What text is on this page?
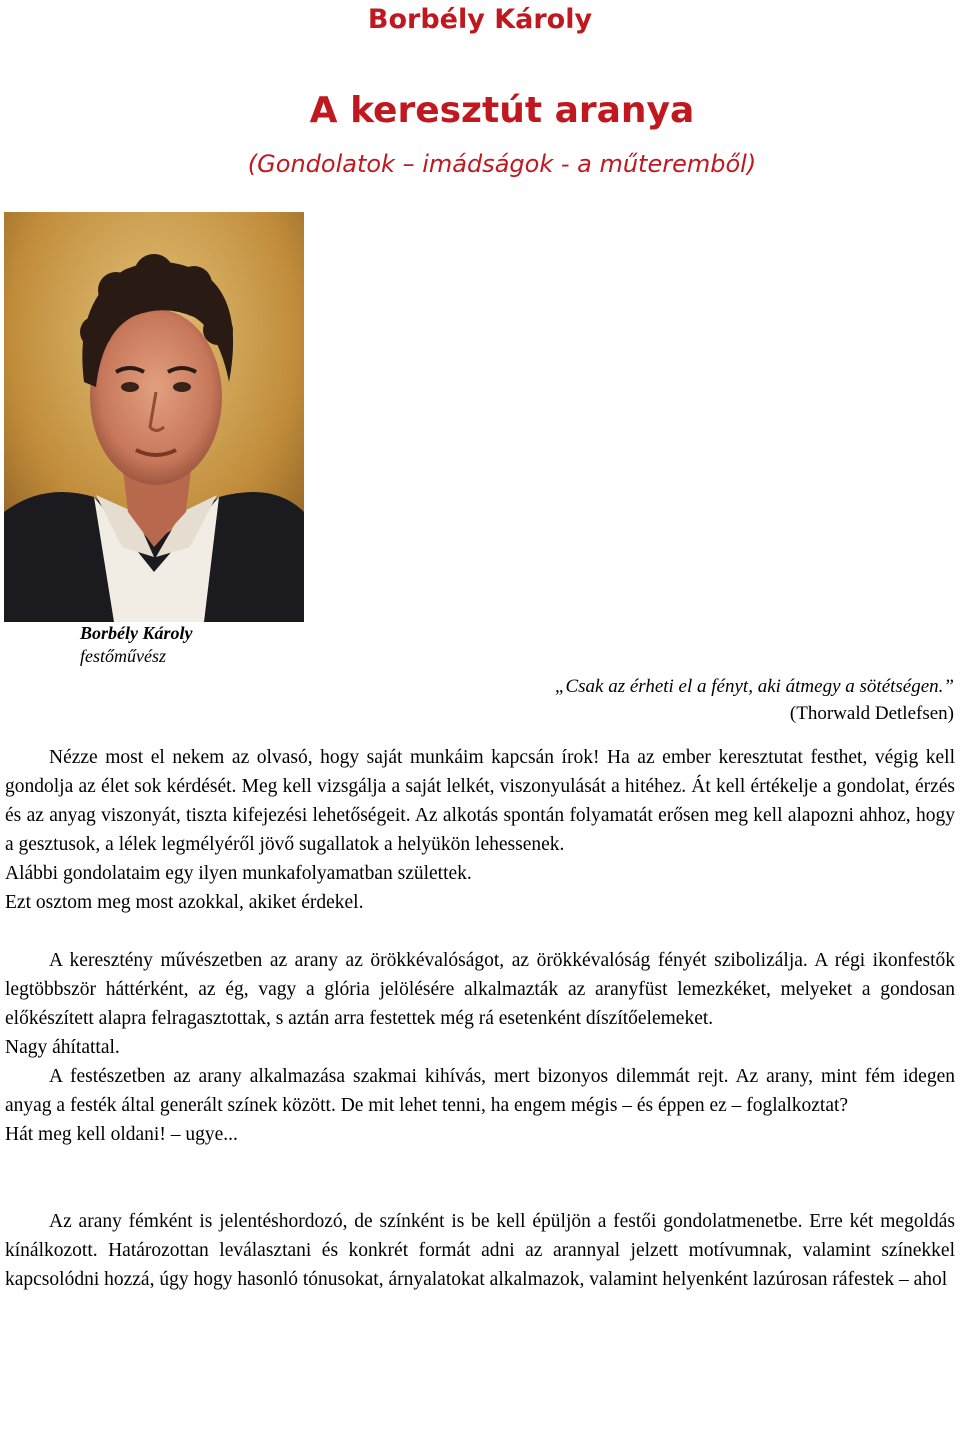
Borbély Károly
A keresztút aranya
(Gondolatok – imádságok - a műteremből)
Borbély Károly
festőművész
„Csak az érheti el a fényt, aki átmegy a sötétségen.”
(Thorwald Detlefsen)

Nézze most el nekem az olvasó, hogy saját munkáim kapcsán írok! Ha az ember keresztutat festhet, végig kell gondolja az élet sok kérdését. Meg kell vizsgálja a saját lelkét, viszonyulását a hitéhez. Át kell értékelje a gondolat, érzés és az anyag viszonyát, tiszta kifejezési lehetőségeit. Az alkotás spontán folyamatát erősen meg kell alapozni ahhoz, hogy a gesztusok, a lélek legmélyéről jövő sugallatok a helyükön lehessenek.

Alábbi gondolataim egy ilyen munkafolyamatban születtek.

Ezt osztom meg most azokkal, akiket érdekel.

A keresztény művészetben az arany az örökkévalóságot, az örökkévalóság fényét szibolizálja. A régi ikonfestők legtöbbször háttérként, az ég, vagy a glória jelölésére alkalmazták az aranyfüst lemezkéket, melyeket a gondosan előkészített alapra felragasztottak, s aztán arra festettek még rá esetenként díszítőelemeket.

Nagy áhítattal.

A festészetben az arany alkalmazása szakmai kihívás, mert bizonyos dilemmát rejt. Az arany, mint fém idegen anyag a festék által generált színek között. De mit lehet tenni, ha engem mégis – és éppen ez – foglalkoztat?

Hát meg kell oldani! – ugye...

Az arany fémként is jelentéshordozó, de színként is be kell épüljön a festői gondolatmenetbe. Erre két megoldás kínálkozott. Határozottan leválasztani és konkrét formát adni az arannyal jelzett motívumnak, valamint színekkel kapcsolódni hozzá, úgy hogy hasonló tónusokat, árnyalatokat alkalmazok, valamint helyenként lazúrosan ráfestek – ahol
